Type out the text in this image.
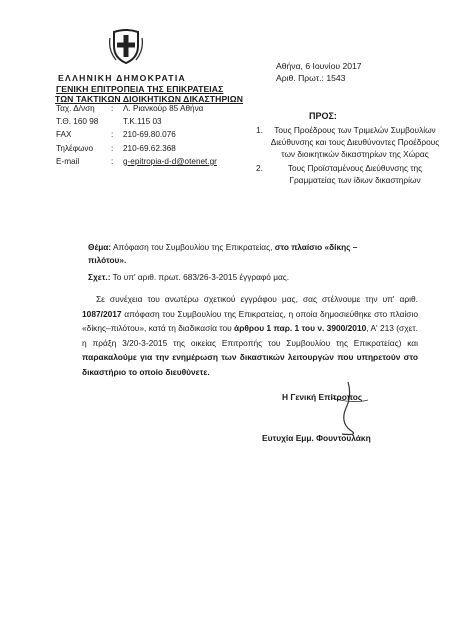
ΕΛΛΗΝΙΚΗ ΔΗΜΟΚΡΑΤΙΑ
ΓΕΝΙΚΗ ΕΠΙΤΡΟΠΕΙΑ ΤΗΣ ΕΠΙΚΡΑΤΕΙΑΣ
ΤΩΝ ΤΑΚΤΙΚΩΝ ΔΙΟΙΚΗΤΙΚΩΝ ΔΙΚΑΣΤΗΡΙΩΝ
Ταχ. Δ/νση : Λ. Ριανκούρ 85 Αθήνα
Τ.Θ. 160 98	Τ.Κ.115 03
FAX	: 210-69.80.076
Τηλέφωνο : 210-69.62.368
E-mail	: g-epitropia-d-d@otenet.gr
Αθήνα, 6 Ιουνίου 2017
Αριθ. Πρωτ.: 1543
ΠΡΟΣ:
1.	Τους Προέδρους των Τριμελών Συμβουλίων Διεύθυνσης και τους Διευθύνοντες Προέδρους των διοικητικών δικαστηρίων της Χώρας
2.	Τους Προϊσταμένους Διεύθυνσης της Γραμματείας των ίδιων δικαστηρίων
Θέμα: Απόφαση του Συμβουλίου της Επικρατείας, στο πλαίσιο «δίκης – πιλότου».
Σχετ.: Το υπ' αριθ. πρωτ. 683/26-3-2015 έγγραφό μας.

Σε συνέχεια του ανωτέρω σχετικού εγγράφου μας, σας στέλνουμε την υπ' αριθ. 1087/2017 απόφαση του Συμβουλίου της Επικρατείας, η οποία δημοσιεύθηκε στο πλαίσιο «δίκης–πιλότου», κατά τη διαδικασία του άρθρου 1 παρ. 1 του ν. 3900/2010, Α' 213 (σχετ. η πράξη 3/20-3-2015 της οικείας Επιτροπής του Συμβουλίου της Επικρατείας) και παρακαλούμε για την ενημέρωση των δικαστικών λειτουργών που υπηρετούν στο δικαστήριο το οποίο διευθύνετε.

Η Γενική Επίτροπος
Ευτυχία Εμμ. Φουντουλάκη
